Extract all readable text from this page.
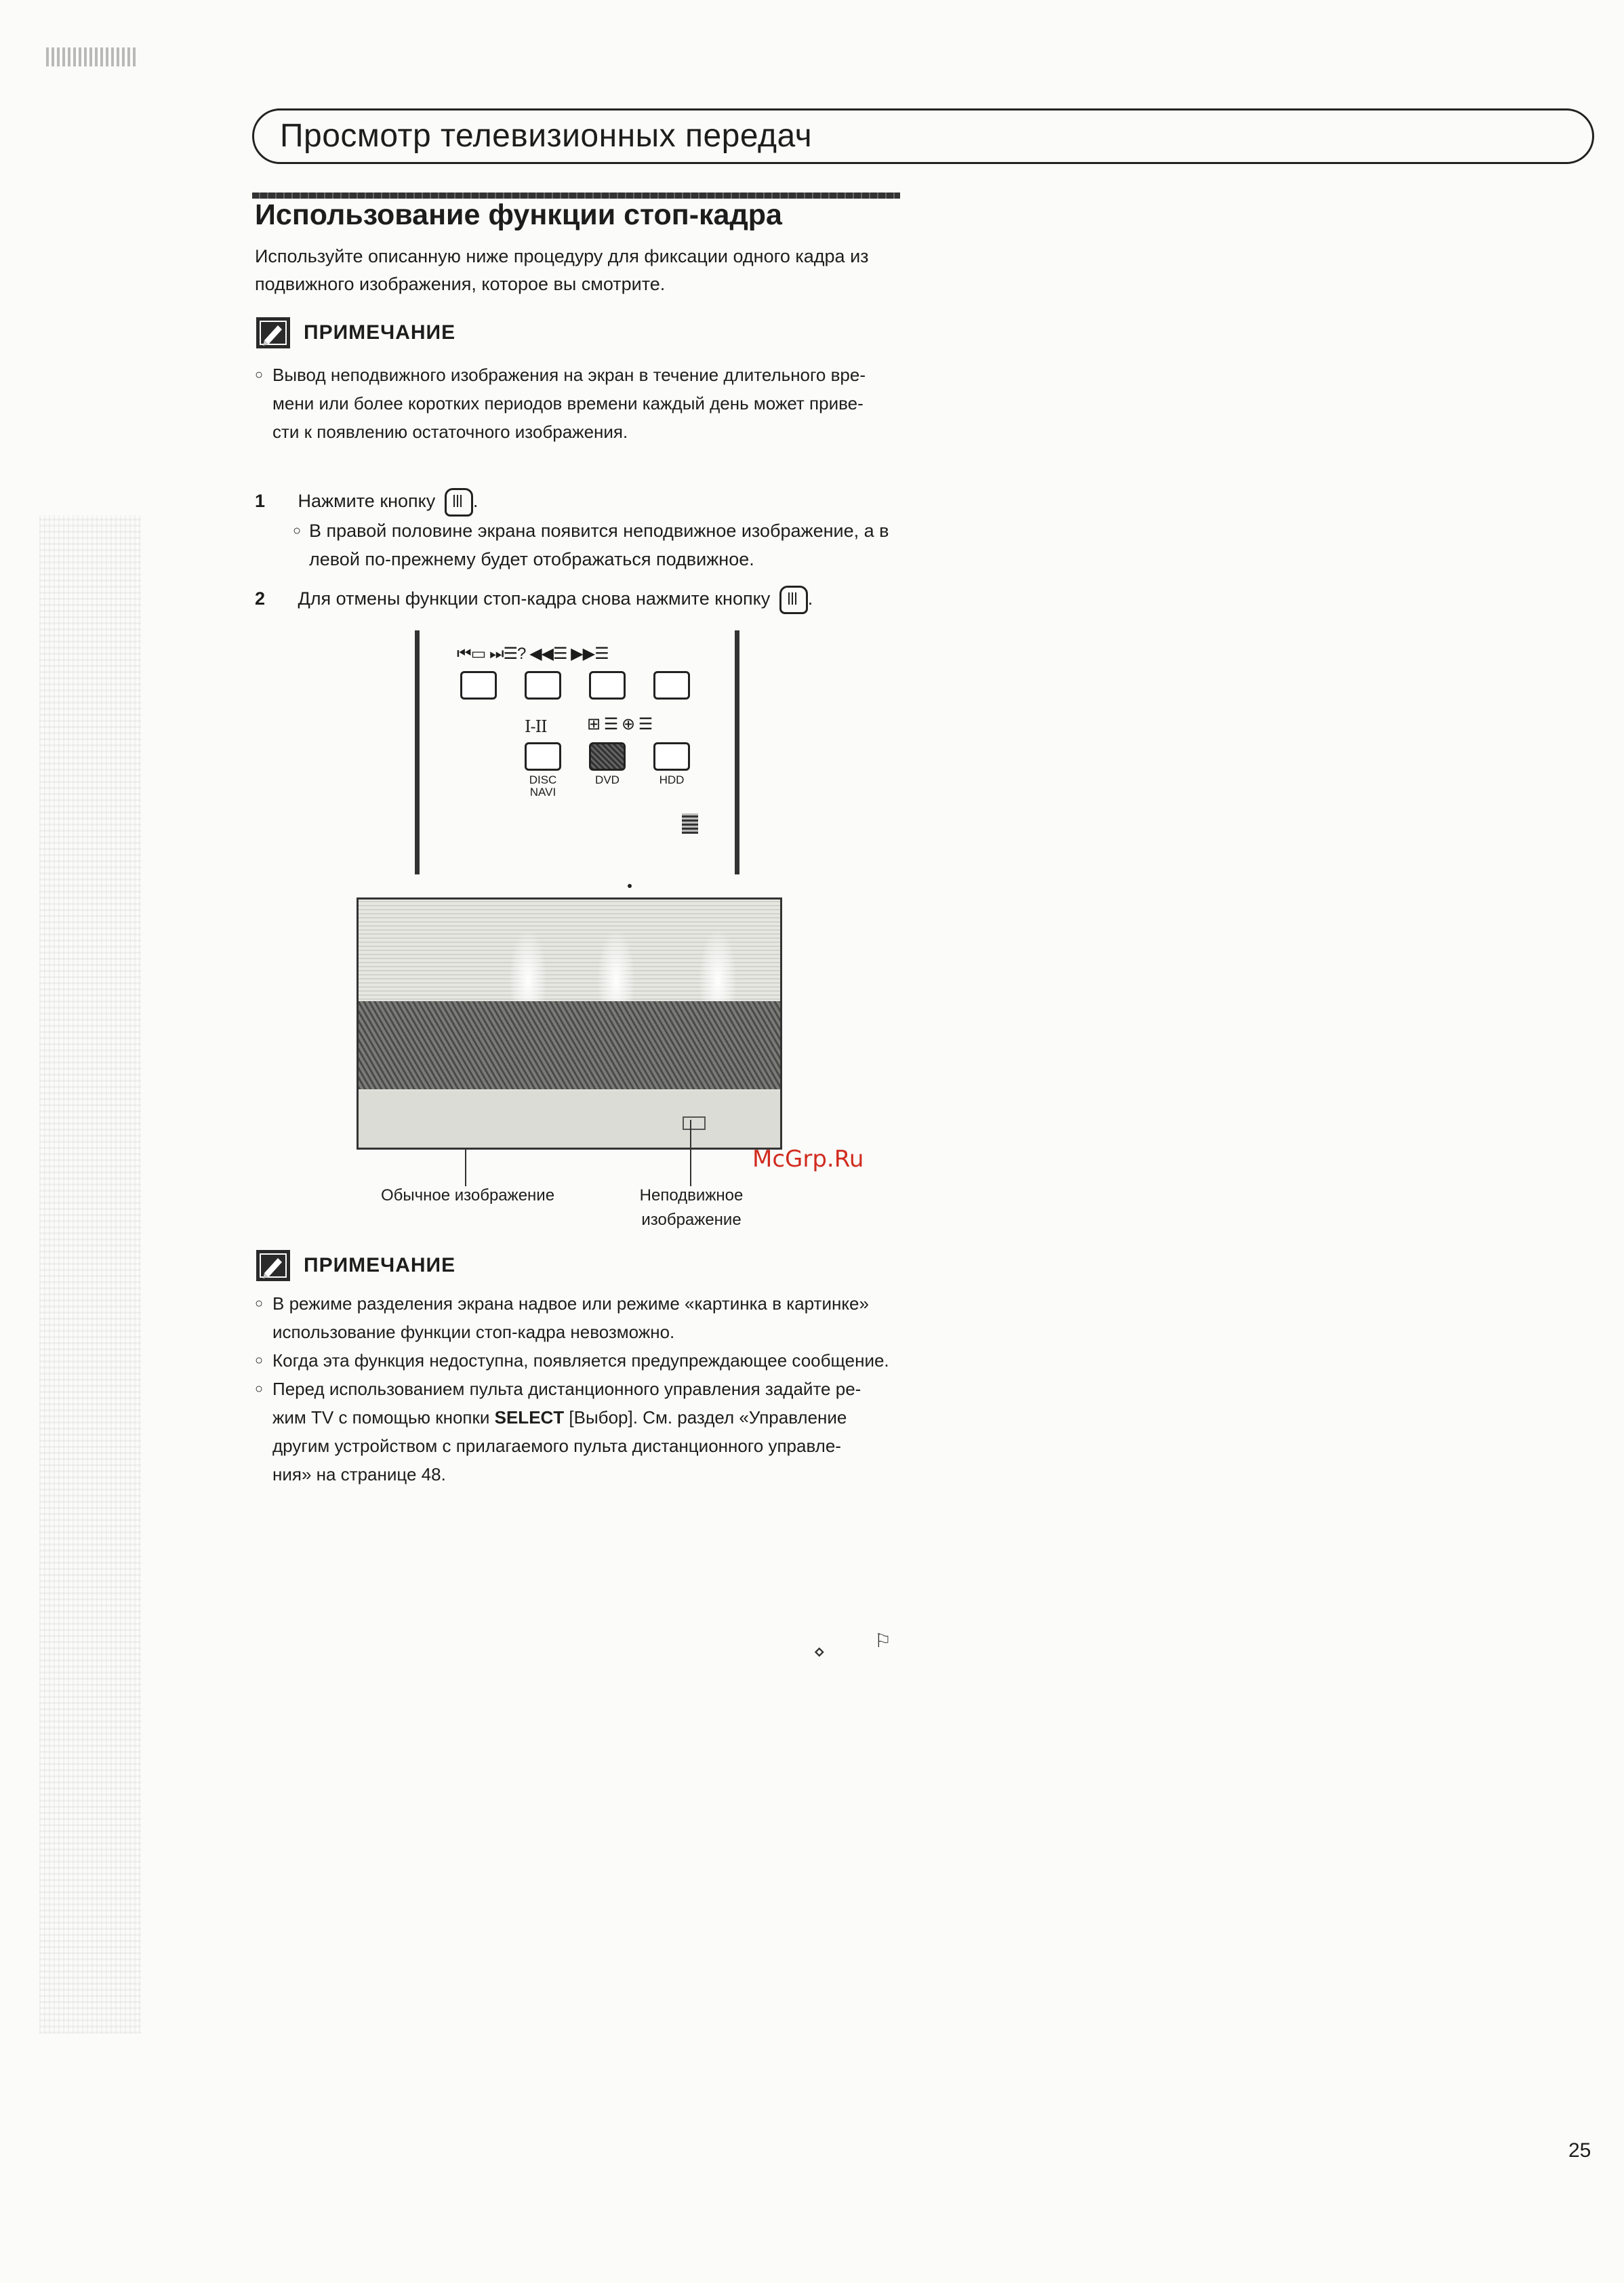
Просмотр телевизионных передач
Использование функции стоп-кадра
Используйте описанную ниже процедуру для фиксации одного кадра из
подвижного изображения, которое вы смотрите.
ПРИМЕЧАНИЕ
○ Вывод неподвижного изображения на экран в течение длительного вре-
мени или более коротких периодов времени каждый день может приве-
сти к появлению остаточного изображения.
1 Нажмите кнопку .
○ В правой половине экрана появится неподвижное изображение, а в
левой по-прежнему будет отображаться подвижное.
2 Для отмены функции стоп-кадра снова нажмите кнопку .
⏮▭ ⏭☰? ◀◀☰ ▶▶☰
I-II ⊞ ☰ ⊕ ☰
DISC
NAVI
DVD	HDD
Обычное изображение	Неподвижное
изображение
McGrp.Ru
ПРИМЕЧАНИЕ
○ В режиме разделения экрана надвое или режиме «картинка в картинке»
использование функции стоп-кадра невозможно.
○ Когда эта функция недоступна, появляется предупреждающее сообщение.
○ Перед использованием пульта дистанционного управления задайте ре-
жим TV с помощью кнопки SELECT [Выбор]. См. раздел «Управление
другим устройством с прилагаемого пульта дистанционного управле-
ния» на странице 48.
⋄
⚐
25
